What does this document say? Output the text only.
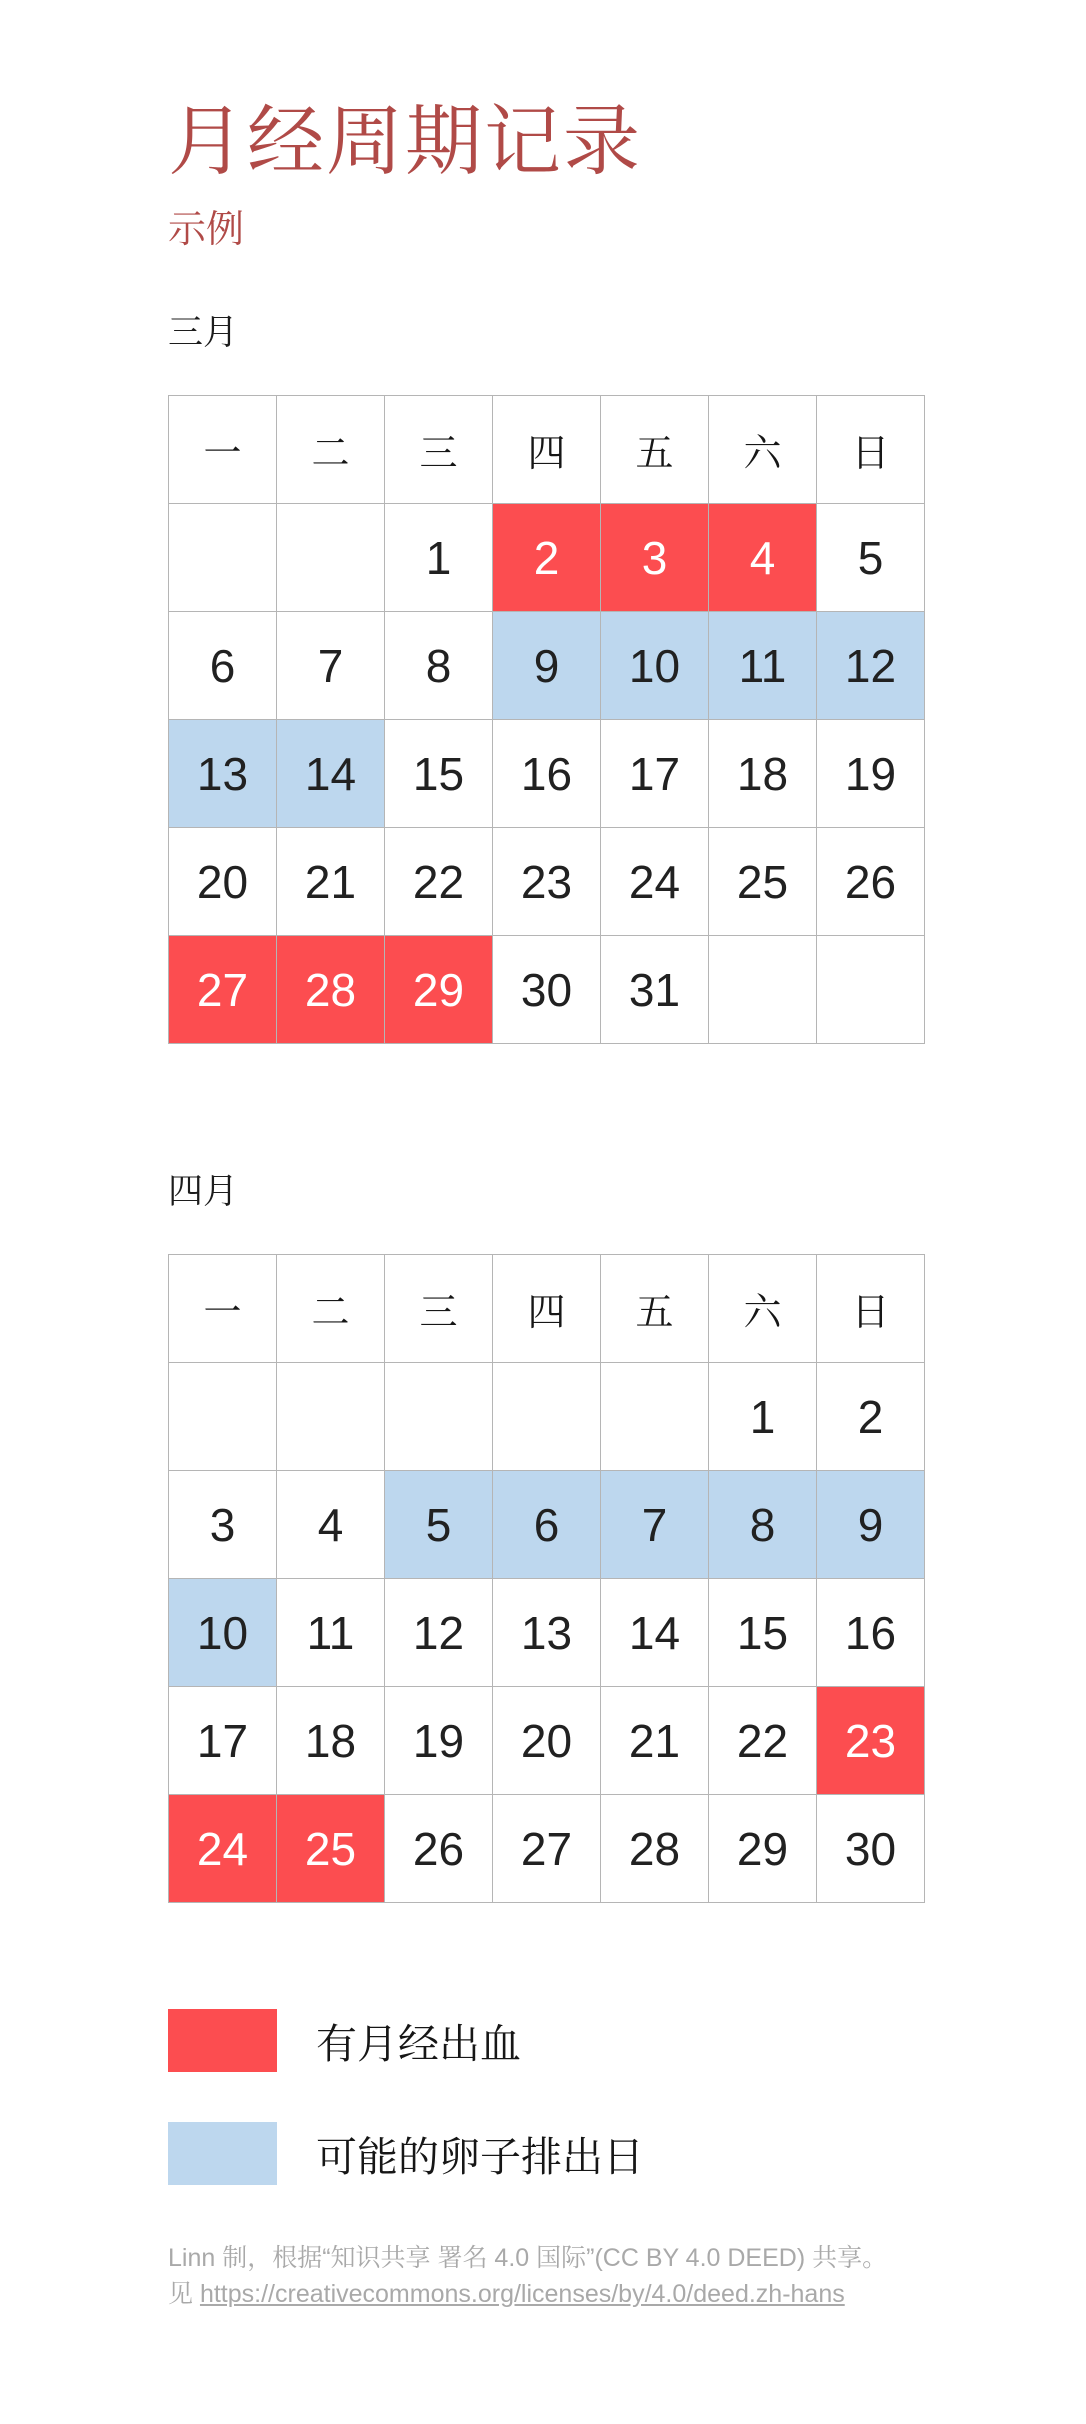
月经周期记录
示例
三月
一	二	三	四	五	六	日
		1	2	3	4	5
6	7	8	9	10	11	12
13	14	15	16	17	18	19
20	21	22	23	24	25	26
27	28	29	30	31		
四月
一	二	三	四	五	六	日
					1	2
3	4	5	6	7	8	9
10	11	12	13	14	15	16
17	18	19	20	21	22	23
24	25	26	27	28	29	30
有月经出血
可能的卵子排出日
Linn 制，根据“知识共享 署名 4.0 国际”(CC BY 4.0 DEED) 共享。
见 https://creativecommons.org/licenses/by/4.0/deed.zh-hans
